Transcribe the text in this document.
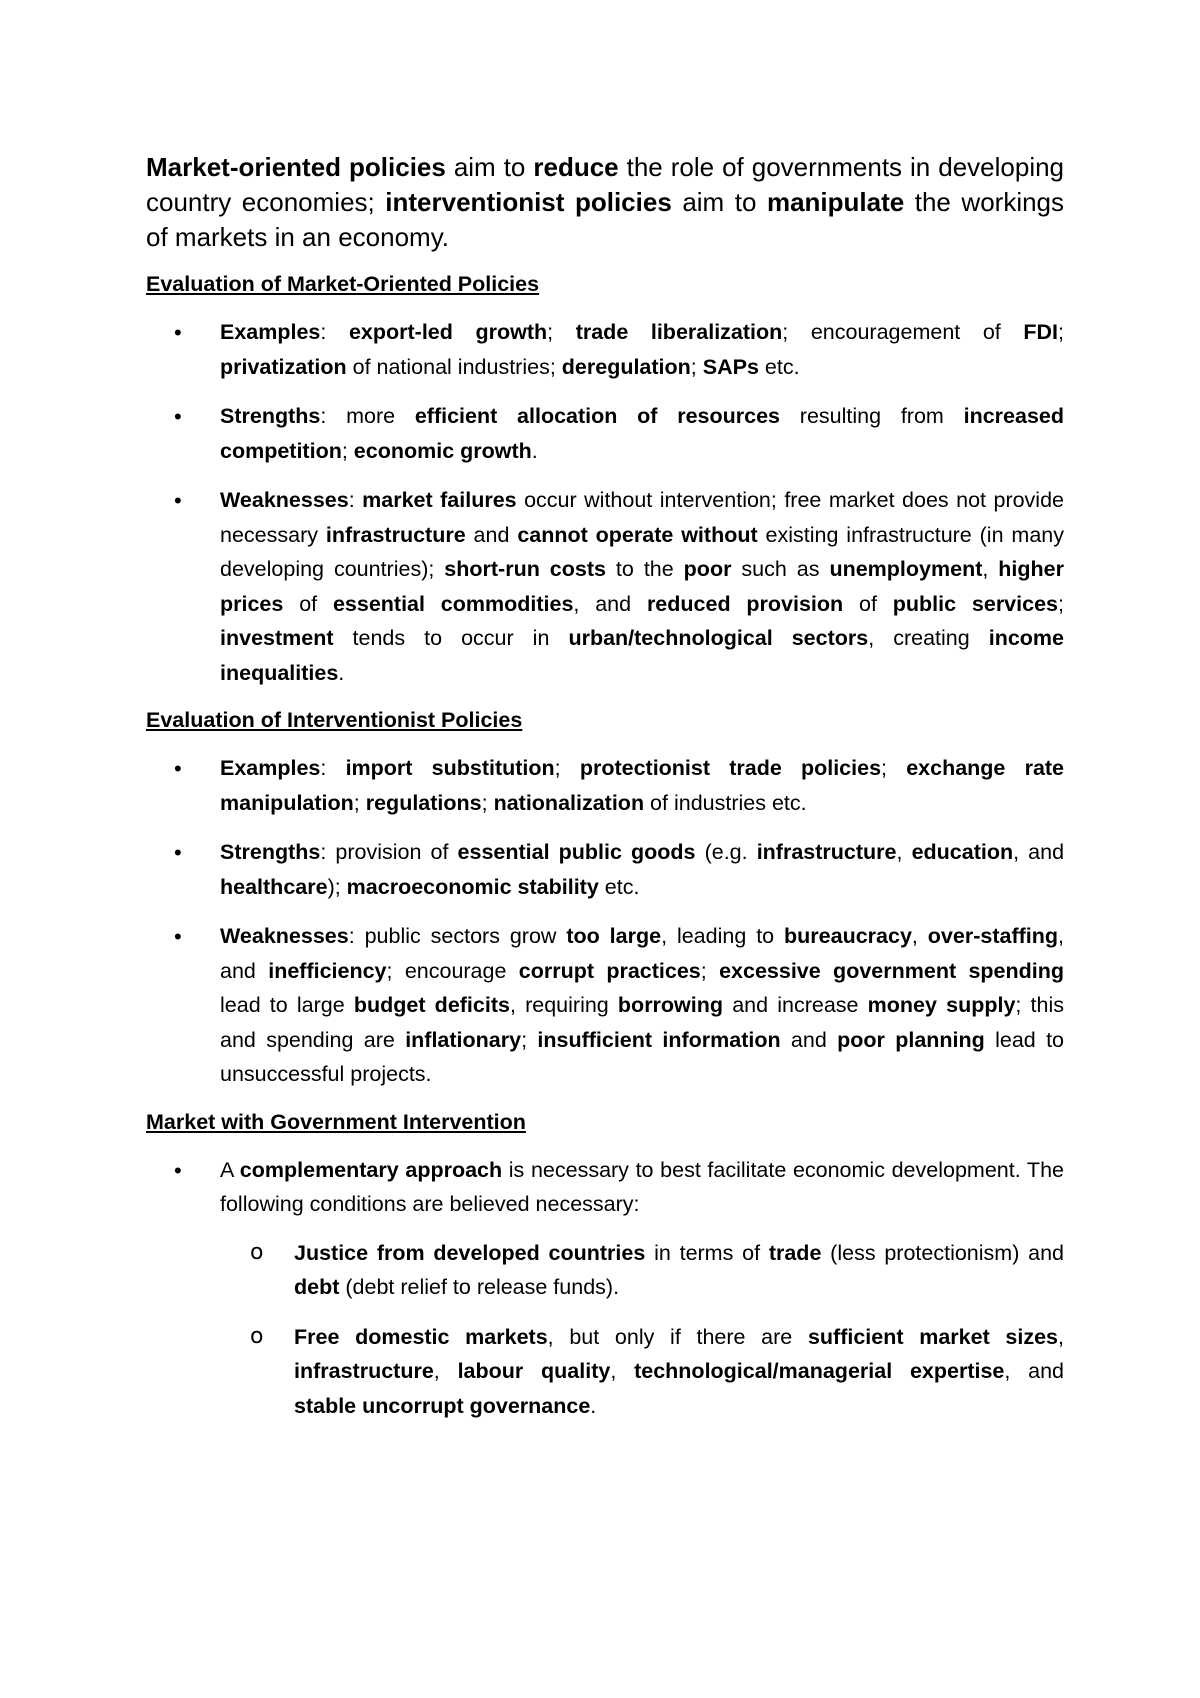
Market-oriented policies aim to reduce the role of governments in developing country economies; interventionist policies aim to manipulate the workings of markets in an economy.

Evaluation of Market-Oriented Policies
• Examples: export-led growth; trade liberalization; encouragement of FDI; privatization of national industries; deregulation; SAPs etc.
• Strengths: more efficient allocation of resources resulting from increased competition; economic growth.
• Weaknesses: market failures occur without intervention; free market does not provide necessary infrastructure and cannot operate without existing infrastructure (in many developing countries); short-run costs to the poor such as unemployment, higher prices of essential commodities, and reduced provision of public services; investment tends to occur in urban/technological sectors, creating income inequalities.
Evaluation of Interventionist Policies
• Examples: import substitution; protectionist trade policies; exchange rate manipulation; regulations; nationalization of industries etc.
• Strengths: provision of essential public goods (e.g. infrastructure, education, and healthcare); macroeconomic stability etc.
• Weaknesses: public sectors grow too large, leading to bureaucracy, over-staffing, and inefficiency; encourage corrupt practices; excessive government spending lead to large budget deficits, requiring borrowing and increase money supply; this and spending are inflationary; insufficient information and poor planning lead to unsuccessful projects.
Market with Government Intervention
• A complementary approach is necessary to best facilitate economic development. The following conditions are believed necessary:
o Justice from developed countries in terms of trade (less protectionism) and debt (debt relief to release funds).
o Free domestic markets, but only if there are sufficient market sizes, infrastructure, labour quality, technological/managerial expertise, and stable uncorrupt governance.
